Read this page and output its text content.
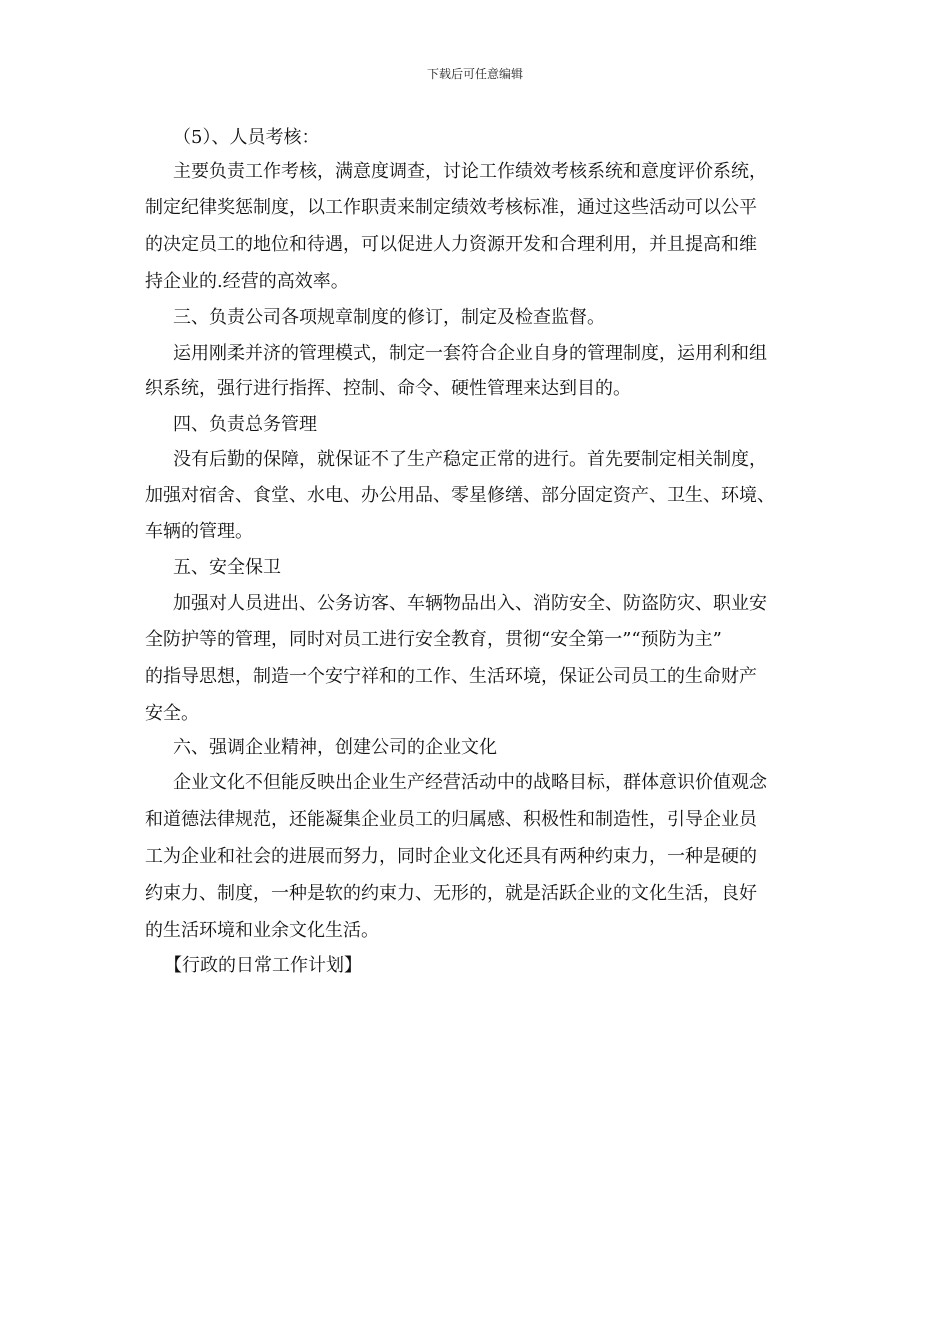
下载后可任意编辑
（5）、人员考核：
主要负责工作考核，满意度调查，讨论工作绩效考核系统和意度评价系统，
制定纪律奖惩制度，以工作职责来制定绩效考核标准，通过这些活动可以公平
的决定员工的地位和待遇，可以促进人力资源开发和合理利用，并且提高和维
持企业的.经营的高效率。
三、负责公司各项规章制度的修订，制定及检查监督。
运用刚柔并济的管理模式，制定一套符合企业自身的管理制度，运用利和组
织系统，强行进行指挥、控制、命令、硬性管理来达到目的。
四、负责总务管理
没有后勤的保障，就保证不了生产稳定正常的进行。首先要制定相关制度，
加强对宿舍、食堂、水电、办公用品、零星修缮、部分固定资产、卫生、环境、
车辆的管理。
五、安全保卫
加强对人员进出、公务访客、车辆物品出入、消防安全、防盗防灾、职业安
全防护等的管理，同时对员工进行安全教育，贯彻“安全第一”“预防为主”
的指导思想，制造一个安宁祥和的工作、生活环境，保证公司员工的生命财产
安全。
六、强调企业精神，创建公司的企业文化
企业文化不但能反映出企业生产经营活动中的战略目标，群体意识价值观念
和道德法律规范，还能凝集企业员工的归属感、积极性和制造性，引导企业员
工为企业和社会的进展而努力，同时企业文化还具有两种约束力，一种是硬的
约束力、制度，一种是软的约束力、无形的，就是活跃企业的文化生活，良好
的生活环境和业余文化生活。
【行政的日常工作计划】
